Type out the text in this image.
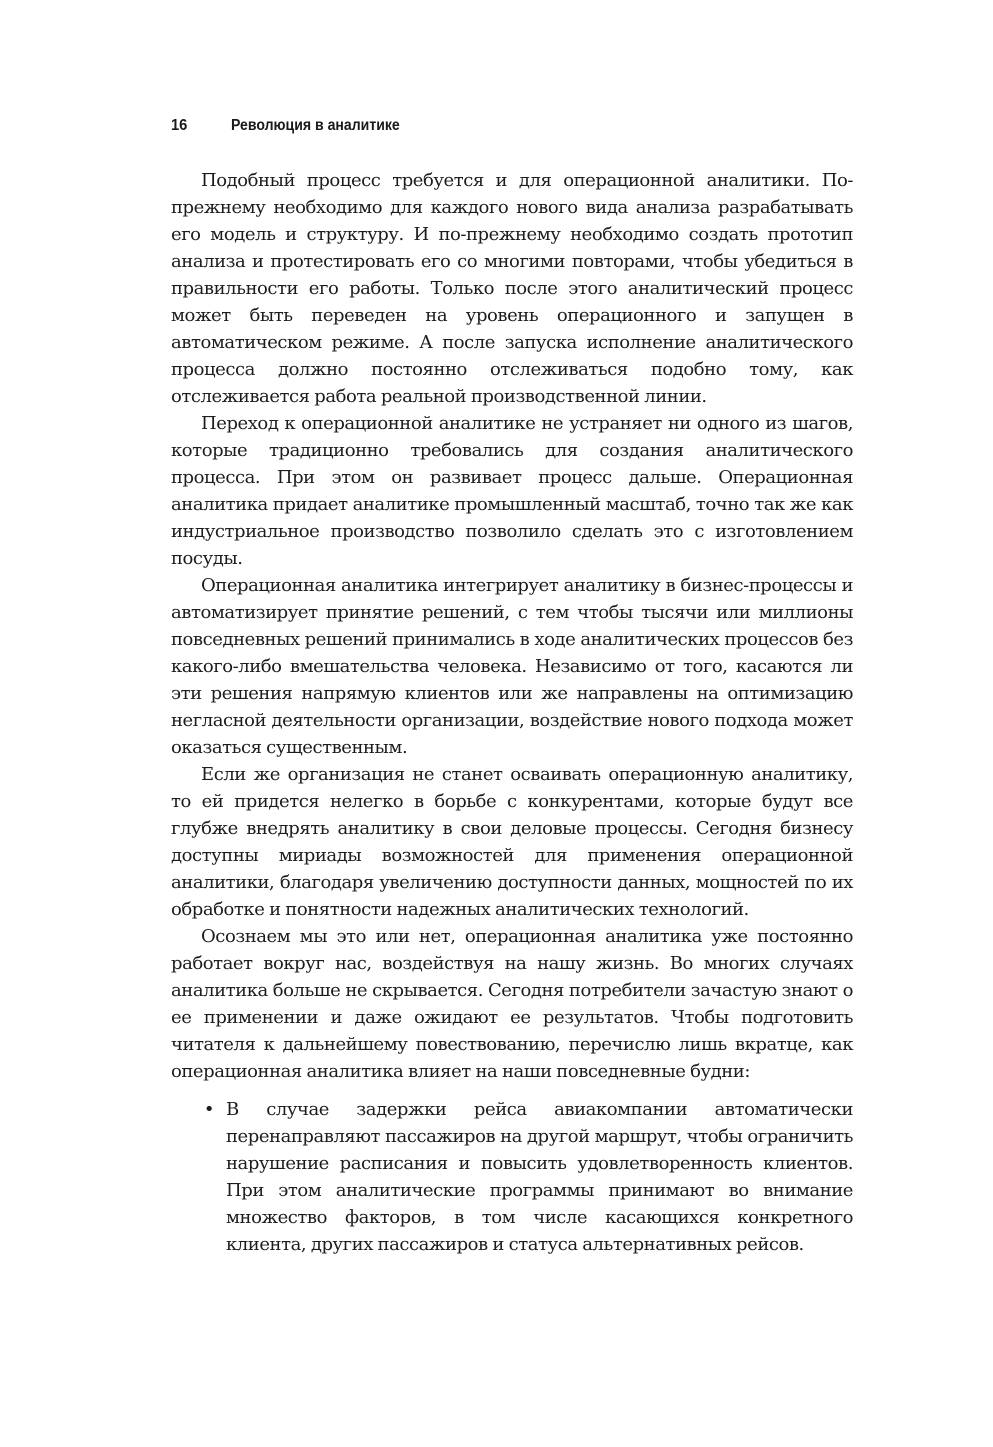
16	Революция в аналитике

Подобный процесс требуется и для операционной аналитики. По-прежнему необходимо для каждого нового вида анализа разрабатывать его модель и структуру. И по-прежнему необходимо создать прототип анализа и протестировать его со многими повторами, чтобы убедиться в правильности его работы. Только после этого аналитический процесс может быть переведен на уровень операционного и запущен в автоматическом режиме. А после запуска исполнение аналитического процесса должно постоянно отслеживаться подобно тому, как отслеживается работа реальной производственной линии.

Переход к операционной аналитике не устраняет ни одного из шагов, которые традиционно требовались для создания аналитического процесса. При этом он развивает процесс дальше. Операционная аналитика придает аналитике промышленный масштаб, точно так же как индустриальное производство позволило сделать это с изготовлением посуды.

Операционная аналитика интегрирует аналитику в бизнес-процессы и автоматизирует принятие решений, с тем чтобы тысячи или миллионы повседневных решений принимались в ходе аналитических процессов без какого-либо вмешательства человека. Независимо от того, касаются ли эти решения напрямую клиентов или же направлены на оптимизацию негласной деятельности организации, воздействие нового подхода может оказаться существенным.

Если же организация не станет осваивать операционную аналитику, то ей придется нелегко в борьбе с конкурентами, которые будут все глубже внедрять аналитику в свои деловые процессы. Сегодня бизнесу доступны мириады возможностей для применения операционной аналитики, благодаря увеличению доступности данных, мощностей по их обработке и понятности надежных аналитических технологий.

Осознаем мы это или нет, операционная аналитика уже постоянно работает вокруг нас, воздействуя на нашу жизнь. Во многих случаях аналитика больше не скрывается. Сегодня потребители зачастую знают о ее применении и даже ожидают ее результатов. Чтобы подготовить читателя к дальнейшему повествованию, перечислю лишь вкратце, как операционная аналитика влияет на наши повседневные будни:

• В случае задержки рейса авиакомпании автоматически перенаправляют пассажиров на другой маршрут, чтобы ограничить нарушение расписания и повысить удовлетворенность клиентов. При этом аналитические программы принимают во внимание множество факторов, в том числе касающихся конкретного клиента, других пассажиров и статуса альтернативных рейсов.
